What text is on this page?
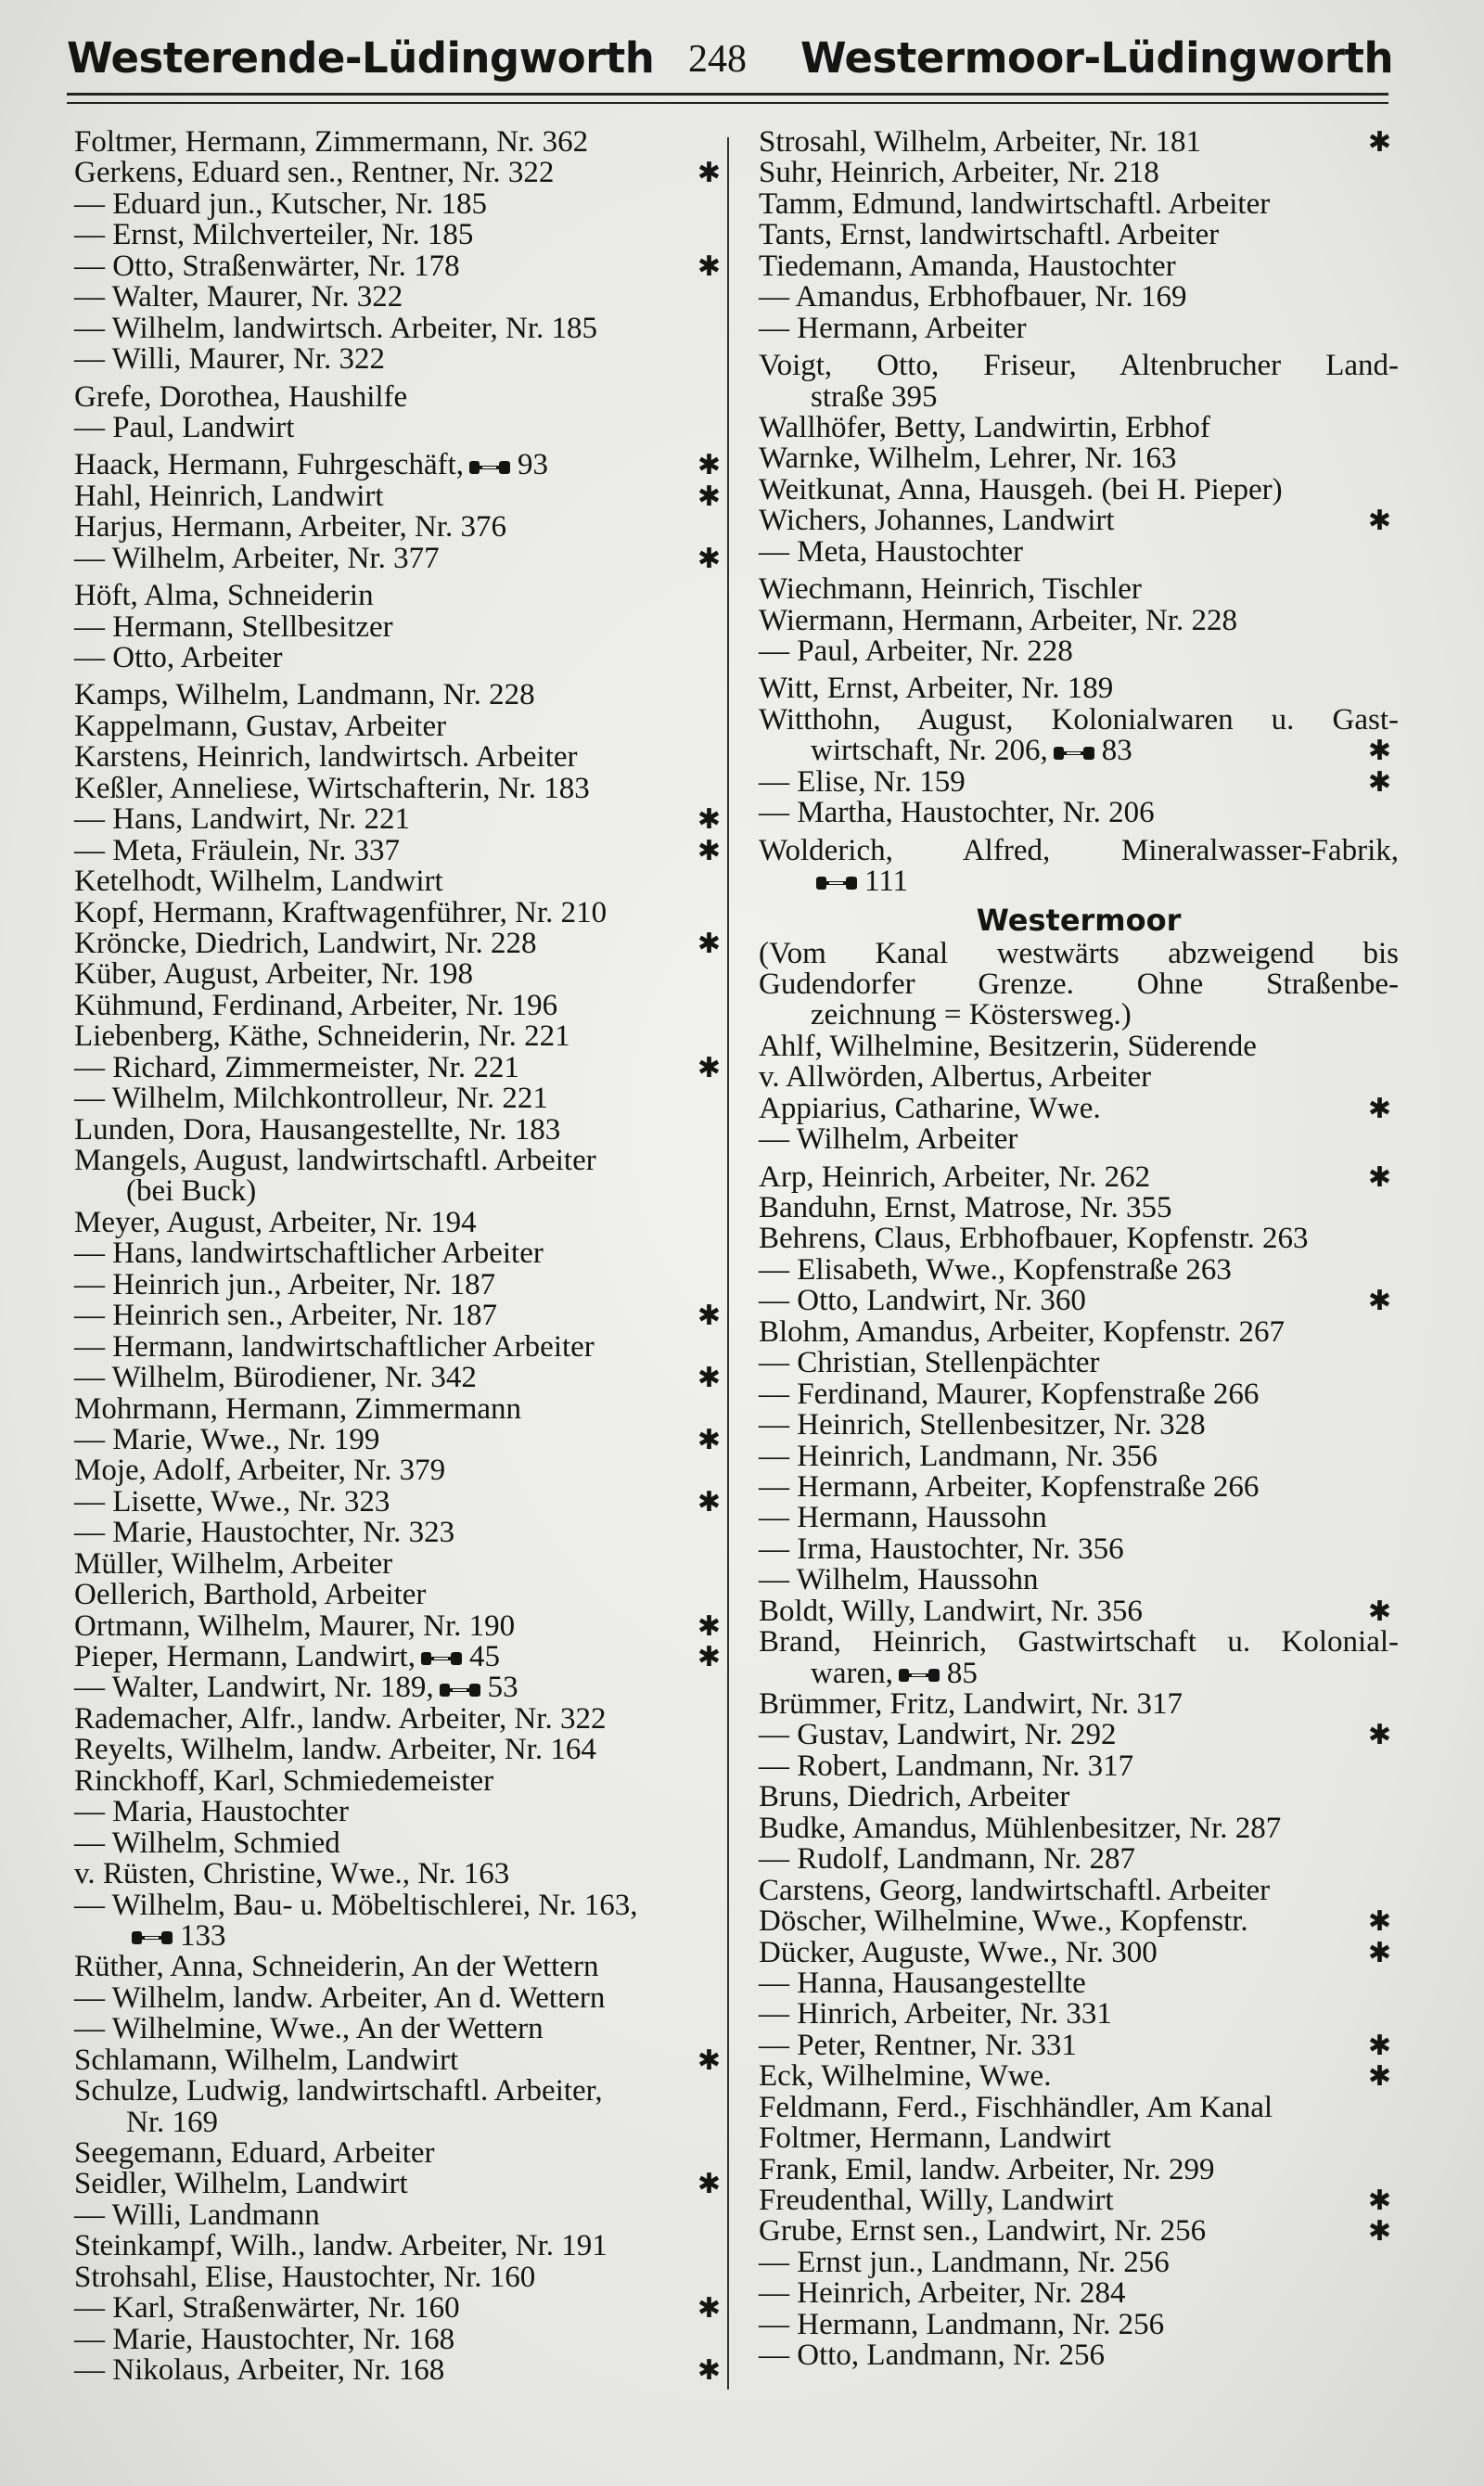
Westerende-Lüdingworth 248 Westermoor-Lüdingworth
Foltmer, Hermann, Zimmermann, Nr. 362
Gerkens, Eduard sen., Rentner, Nr. 322	✱
— Eduard jun., Kutscher, Nr. 185
— Ernst, Milchverteiler, Nr. 185
— Otto, Straßenwärter, Nr. 178	✱
— Walter, Maurer, Nr. 322
— Wilhelm, landwirtsch. Arbeiter, Nr. 185
— Willi, Maurer, Nr. 322
Grefe, Dorothea, Haushilfe
— Paul, Landwirt
Haack, Hermann, Fuhrgeschäft, 93	✱
Hahl, Heinrich, Landwirt	✱
Harjus, Hermann, Arbeiter, Nr. 376
— Wilhelm, Arbeiter, Nr. 377	✱
Höft, Alma, Schneiderin
— Hermann, Stellbesitzer
— Otto, Arbeiter
Kamps, Wilhelm, Landmann, Nr. 228
Kappelmann, Gustav, Arbeiter
Karstens, Heinrich, landwirtsch. Arbeiter
Keßler, Anneliese, Wirtschafterin, Nr. 183
— Hans, Landwirt, Nr. 221	✱
— Meta, Fräulein, Nr. 337	✱
Ketelhodt, Wilhelm, Landwirt
Kopf, Hermann, Kraftwagenführer, Nr. 210
Kröncke, Diedrich, Landwirt, Nr. 228	✱
Küber, August, Arbeiter, Nr. 198
Kühmund, Ferdinand, Arbeiter, Nr. 196
Liebenberg, Käthe, Schneiderin, Nr. 221
— Richard, Zimmermeister, Nr. 221	✱
— Wilhelm, Milchkontrolleur, Nr. 221
Lunden, Dora, Hausangestellte, Nr. 183
Mangels, August, landwirtschaftl. Arbeiter
(bei Buck)
Meyer, August, Arbeiter, Nr. 194
— Hans, landwirtschaftlicher Arbeiter
— Heinrich jun., Arbeiter, Nr. 187
— Heinrich sen., Arbeiter, Nr. 187	✱
— Hermann, landwirtschaftlicher Arbeiter
— Wilhelm, Bürodiener, Nr. 342	✱
Mohrmann, Hermann, Zimmermann
— Marie, Wwe., Nr. 199	✱
Moje, Adolf, Arbeiter, Nr. 379
— Lisette, Wwe., Nr. 323	✱
— Marie, Haustochter, Nr. 323
Müller, Wilhelm, Arbeiter
Oellerich, Barthold, Arbeiter
Ortmann, Wilhelm, Maurer, Nr. 190	✱
Pieper, Hermann, Landwirt, 45	✱
— Walter, Landwirt, Nr. 189, 53
Rademacher, Alfr., landw. Arbeiter, Nr. 322
Reyelts, Wilhelm, landw. Arbeiter, Nr. 164
Rinckhoff, Karl, Schmiedemeister
— Maria, Haustochter
— Wilhelm, Schmied
v. Rüsten, Christine, Wwe., Nr. 163
— Wilhelm, Bau- u. Möbeltischlerei, Nr. 163,
133
Rüther, Anna, Schneiderin, An der Wettern
— Wilhelm, landw. Arbeiter, An d. Wettern
— Wilhelmine, Wwe., An der Wettern
Schlamann, Wilhelm, Landwirt	✱
Schulze, Ludwig, landwirtschaftl. Arbeiter,
Nr. 169
Seegemann, Eduard, Arbeiter
Seidler, Wilhelm, Landwirt	✱
— Willi, Landmann
Steinkampf, Wilh., landw. Arbeiter, Nr. 191
Strohsahl, Elise, Haustochter, Nr. 160
— Karl, Straßenwärter, Nr. 160	✱
— Marie, Haustochter, Nr. 168
— Nikolaus, Arbeiter, Nr. 168	✱
Strosahl, Wilhelm, Arbeiter, Nr. 181	✱
Suhr, Heinrich, Arbeiter, Nr. 218
Tamm, Edmund, landwirtschaftl. Arbeiter
Tants, Ernst, landwirtschaftl. Arbeiter
Tiedemann, Amanda, Haustochter
— Amandus, Erbhofbauer, Nr. 169
— Hermann, Arbeiter
Voigt, Otto, Friseur, Altenbrucher Land-
straße 395
Wallhöfer, Betty, Landwirtin, Erbhof
Warnke, Wilhelm, Lehrer, Nr. 163
Weitkunat, Anna, Hausgeh. (bei H. Pieper)
Wichers, Johannes, Landwirt	✱
— Meta, Haustochter
Wiechmann, Heinrich, Tischler
Wiermann, Hermann, Arbeiter, Nr. 228
— Paul, Arbeiter, Nr. 228
Witt, Ernst, Arbeiter, Nr. 189
Witthohn, August, Kolonialwaren u. Gast-
wirtschaft, Nr. 206, 83	✱
— Elise, Nr. 159	✱
— Martha, Haustochter, Nr. 206
Wolderich, Alfred, Mineralwasser-Fabrik,
111
Westermoor
(Vom Kanal westwärts abzweigend bis
Gudendorfer Grenze. Ohne Straßenbe-
zeichnung = Köstersweg.)
Ahlf, Wilhelmine, Besitzerin, Süderende
v. Allwörden, Albertus, Arbeiter
Appiarius, Catharine, Wwe.	✱
— Wilhelm, Arbeiter
Arp, Heinrich, Arbeiter, Nr. 262	✱
Banduhn, Ernst, Matrose, Nr. 355
Behrens, Claus, Erbhofbauer, Kopfenstr. 263
— Elisabeth, Wwe., Kopfenstraße 263
— Otto, Landwirt, Nr. 360	✱
Blohm, Amandus, Arbeiter, Kopfenstr. 267
— Christian, Stellenpächter
— Ferdinand, Maurer, Kopfenstraße 266
— Heinrich, Stellenbesitzer, Nr. 328
— Heinrich, Landmann, Nr. 356
— Hermann, Arbeiter, Kopfenstraße 266
— Hermann, Haussohn
— Irma, Haustochter, Nr. 356
— Wilhelm, Haussohn
Boldt, Willy, Landwirt, Nr. 356	✱
Brand, Heinrich, Gastwirtschaft u. Kolonial-
waren, 85
Brümmer, Fritz, Landwirt, Nr. 317
— Gustav, Landwirt, Nr. 292	✱
— Robert, Landmann, Nr. 317
Bruns, Diedrich, Arbeiter
Budke, Amandus, Mühlenbesitzer, Nr. 287
— Rudolf, Landmann, Nr. 287
Carstens, Georg, landwirtschaftl. Arbeiter
Döscher, Wilhelmine, Wwe., Kopfenstr.	✱
Dücker, Auguste, Wwe., Nr. 300	✱
— Hanna, Hausangestellte
— Hinrich, Arbeiter, Nr. 331
— Peter, Rentner, Nr. 331	✱
Eck, Wilhelmine, Wwe.	✱
Feldmann, Ferd., Fischhändler, Am Kanal
Foltmer, Hermann, Landwirt
Frank, Emil, landw. Arbeiter, Nr. 299
Freudenthal, Willy, Landwirt	✱
Grube, Ernst sen., Landwirt, Nr. 256	✱
— Ernst jun., Landmann, Nr. 256
— Heinrich, Arbeiter, Nr. 284
— Hermann, Landmann, Nr. 256
— Otto, Landmann, Nr. 256
